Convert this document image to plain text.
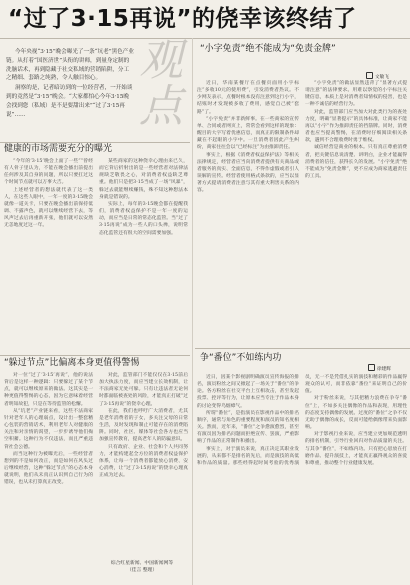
“过了3·15再说”的侥幸该终结了

今年央视“3·15”晚会曝光了一条“坑老”黑色产业链。从打着“国医济世”头衔的讲师，到量身定制的洗脑话术，再到隐藏于社交私域的营销陷阱，分工之精细、套路之纯熟，令人触目惊心。

洞察的是，记者暗访到的一位经营者，一开始谈到的竟然是“3·15”晚会。“大家都怕心今年3·15晚会找到您（私域）是不是要甜出来”“过了3·15再说”……

观
点
健康的市场需要充分的曝光

“今年的‘3·15’晚会上面了一些”“曾经有人骨子里认为，不能在晚会播出前提出任何涉及其自身的问题，所以只要扛过这个时间节点就可以万事大吉。

上述经营者的想法就代表了这一类人，在这些人眼中，一年一度的3·15晚会就像一道关卡，只要在晚会播出前保持低调、不露声色，就可以继续经营下去，等风声过去后再重新开张，他们就可以安然无恙地度过这一年。

某些商家的这种侥幸心理由来已久，而它背后折射出的是一些经营者对法律法规缺乏敬畏之心，对消费者权益缺乏尊重。他们只是把3·15当成了一场“风暴”，躲过去就能继续赚钱，殊不知这种想法本身就是错误的。

实际上，每年的3·15晚会都在提醒我们，消费者权益保护不是一年一度的运动，而应当是日常的常态化监管。当“过了3·15再说”成为一些人的口头禅，说明常态化监管还有很大的空间需要加强。

“躲过节点”比偏离本身更值得警惕

对一位“过了‘3·15’再说”，他的说法背后是这样一种逻辑：只要躲过了某个节点，就可以继续原来的做法。这其实是一种更值得警惕的心态，因为它意味着经营者明知故犯，只是在等待监管的松懈。

从“坑老”产业链来看，这些不法商家针对老年人的心理弱点，设计出一整套精心包装的营销话术，利用老年人对健康的关注和对亲情的渴望，一步步诱导他们掏空积蓄。这种行为不仅违法，而且严重违背社会公德。

而当这种行为被曝光后，一些经营者想到的不是如何改正，而是如何在风头过后继续经营，这种“躲过节点”的心态本身就说明，他们从未真正认识到自己行为的错误，也从未打算真正改变。

对此，监管部门不能仅仅在3·15前后加大执法力度，而应当建立长效机制，让不法商家无处可躲。只有让违法者无论何时都面临被查处的风险，才能真正打破“过了3·15再说”的侥幸心理。

在此，我们也呼吁广大消费者，尤其是老年消费者的子女，多关注父母的日常生活，及时发现和制止可能存在的消费陷阱。同时，社区、媒体等社会各方也应当加强宣传教育，提高老年人的防骗意识。

只有政府、企业、社会和个人共同努力，才能构建起全方位的消费者权益保护体系，让每一个消费者都能放心消费、安心消费，让“过了3·15再说”的侥幸心理真正成为过去。

综合红星新闻、中国新闻网等
（佳言 整理）
“小字免责”绝不能成为“免责金牌”
文敏飞

近日，华南某餐厅在点餐页面用小字标注“多收10元的使用费”，引发消费者热议。不少网友表示，点餐时根本没有注意到这行小字，结账时才发现被多收了费用，感觉自己被“套路”了。

“小字免责”并非新鲜事。在一些商家的宣传单、合同或者网页上，常常会看到这样的现象：醒目的大字写着优惠信息，而真正的限制条件却藏在不起眼的小字中。一旦消费者因此产生纠纷，商家往往会以“已经标注”为由推卸责任。

事实上，根据《消费者权益保护法》等相关法律规定，经营者应当向消费者提供有关商品或者服务的真实、全面信息，不得作虚假或者引人误解的宣传。经营者使用格式条款的，应当以显著方式提请消费者注意与其有重大利害关系的内容。

“小字免责”的做法显然违背了“显著方式提请注意”的法律要求。用难以察觉的小字标注关键信息，本质上是对消费者知情权的侵害，也是一种不诚信的经营行为。

对此，监管部门应当加大对此类行为的查处力度，明确“显著提示”的具体标准，让商家不能再以“小字”作为推卸责任的挡箭牌。同时，消费者也应当提高警惕，在消费时仔细阅读相关条款，遇到不合理收费时勇于维权。

诚信经营是商业的根本。只有真正尊重消费者，把关键信息说清楚、讲明白，企业才能赢得消费者的信任，获得长久的发展。“小字免责”绝不能成为“免责金牌”，更不应成为商家逃避责任的工具。

争“番位”不如练内功
徐建辉

近日，因某个影视剧明确演员宣传海报的排名，演员粉丝之间又掀起了一场关于“番位”的争论。各方粉丝在社交平台上互相攻击，甚至发起投票、控评等行为，让原本应当专注于作品本身的讨论变得乌烟瘴气。

所谓“番位”，是指演员在影视作品中的排名顺序，通常与角色的重要程度和演员的知名度相关。然而，近年来，“番位”之争愈演愈烈，甚至有演员因为排名问题而拒绝宣传、罢演，严重影响了作品的正常制作和播出。

事实上，对于演员来说，真正决定其职业发展的，从来都不是排名的先后，而是演技的高低和作品的质量。那些经得起时间考验的优秀演员，无一不是凭借扎实的演技和精彩的作品赢得观众的认可，而非依靠“番位”来证明自己的价值。

对于粉丝来说，与其把精力浪费在争夺“番位”上，不如多关注偶像的作品和表现，用理性的态度支持偶像的发展。过度的“番位”之争不仅无助于偶像的成长，反而可能给偶像带来负面影响。

对于影视行业来说，应当建立更加规范透明的排名机制，引导行业回归对作品质量的关注。与其争“番位”，不如练内功。只有把心思放在打磨作品、提升演技上，才能真正赢得观众的喜爱和尊重，推动整个行业健康发展。
